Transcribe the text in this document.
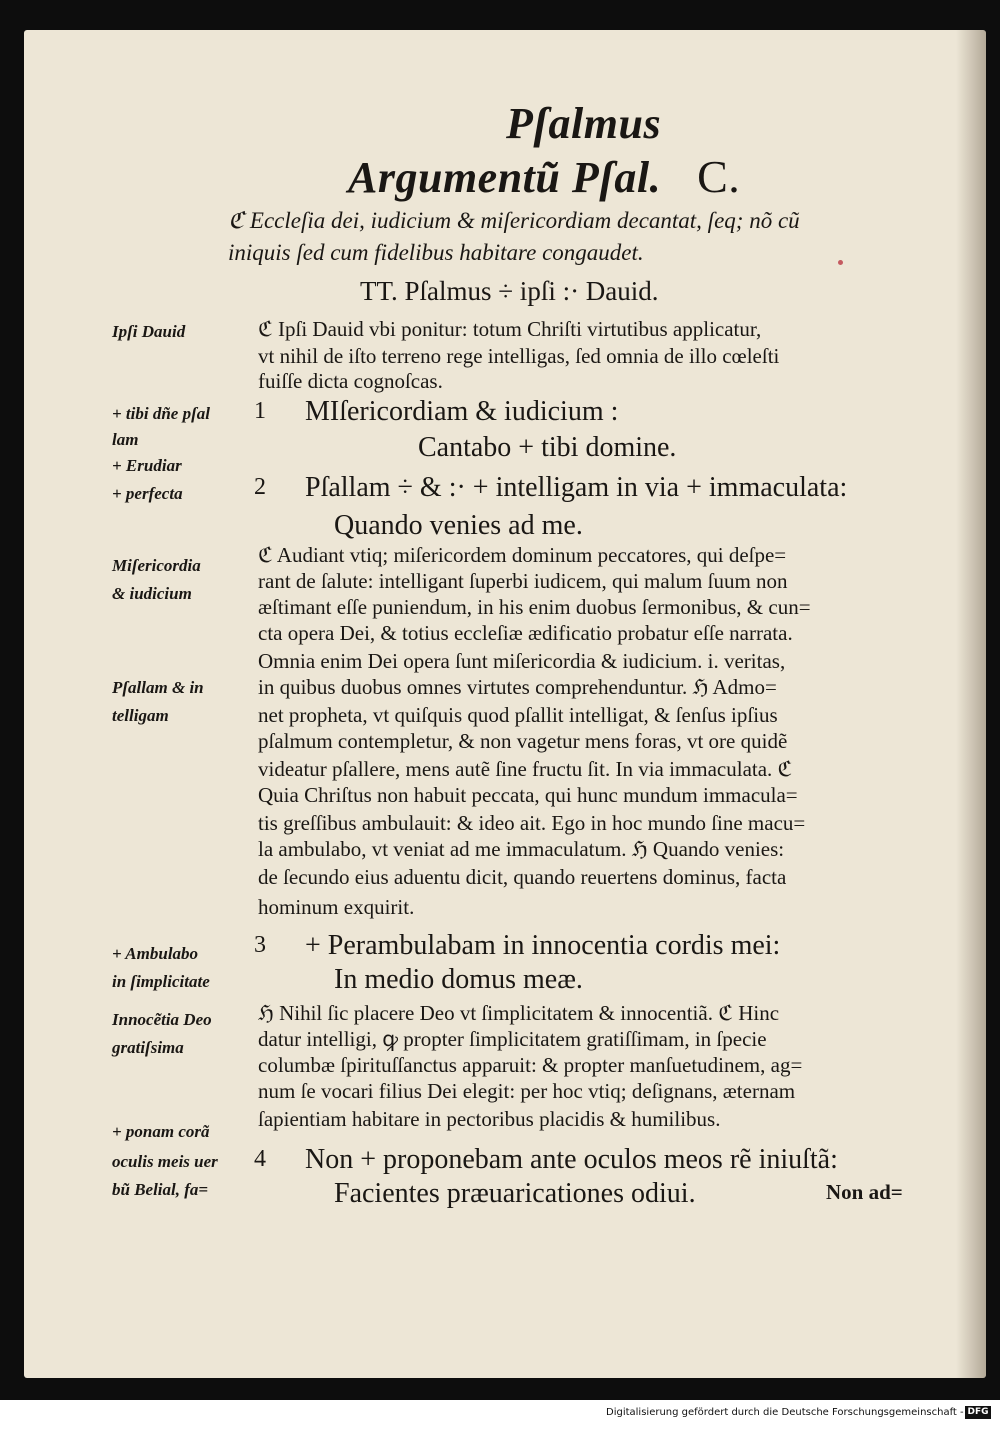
Pſalmus
Argumentũ Pſal. C.
ℭ Eccleſia dei, iudicium & miſericordiam decantat, ſeq; nõ cũ
iniquis ſed cum fidelibus habitare congaudet.
TT. Pſalmus ÷ ipſi :· Dauid.
ℭ Ipſi Dauid vbi ponitur: totum Chriſti virtutibus applicatur,
vt nihil de iſto terreno rege intelligas, ſed omnia de illo cœleſti
fuiſſe dicta cognoſcas.
1 MIſericordiam & iudicium :
Cantabo + tibi domine.
2 Pſallam ÷ & :· + intelligam in via + immaculata:
Quando venies ad me.
ℭ Audiant vtiq; miſericordem dominum peccatores, qui deſpe=
rant de ſalute: intelligant ſuperbi iudicem, qui malum ſuum non
æſtimant eſſe puniendum, in his enim duobus ſermonibus, & cun=
cta opera Dei, & totius eccleſiæ ædificatio probatur eſſe narrata.
Omnia enim Dei opera ſunt miſericordia & iudicium. i. veritas,
in quibus duobus omnes virtutes comprehenduntur. ℌ Admo=
net propheta, vt quiſquis quod pſallit intelligat, & ſenſus ipſius
pſalmum contempletur, & non vagetur mens foras, vt ore quidẽ
videatur pſallere, mens autẽ ſine fructu ſit. In via immaculata. ℭ
Quia Chriſtus non habuit peccata, qui hunc mundum immacula=
tis greſſibus ambulauit: & ideo ait. Ego in hoc mundo ſine macu=
la ambulabo, vt veniat ad me immaculatum. ℌ Quando venies:
de ſecundo eius aduentu dicit, quando reuertens dominus, facta
hominum exquirit.
3 + Perambulabam in innocentia cordis mei:
In medio domus meæ.
ℌ Nihil ſic placere Deo vt ſimplicitatem & innocentiã. ℭ Hinc
datur intelligi, ꝙ propter ſimplicitatem gratiſſimam, in ſpecie
columbæ ſpirituſſanctus apparuit: & propter manſuetudinem, ag=
num ſe vocari filius Dei elegit: per hoc vtiq; deſignans, æternam
ſapientiam habitare in pectoribus placidis & humilibus.
4 Non + proponebam ante oculos meos rẽ iniuſtã:
Facientes præuaricationes odiui.
Ipſi Dauid
+ tibi dñe pſal
lam
+ Erudiar
+ perfecta
Miſericordia
& iudicium
Pſallam & in
telligam
+ Ambulabo
in ſimplicitate
Innocẽtia Deo
gratiſsima
+ ponam corã
oculis meis uer
bũ Belial, fa=	Non ad=
Digitalisierung gefördert durch die Deutsche Forschungsgemeinschaft - DFG
